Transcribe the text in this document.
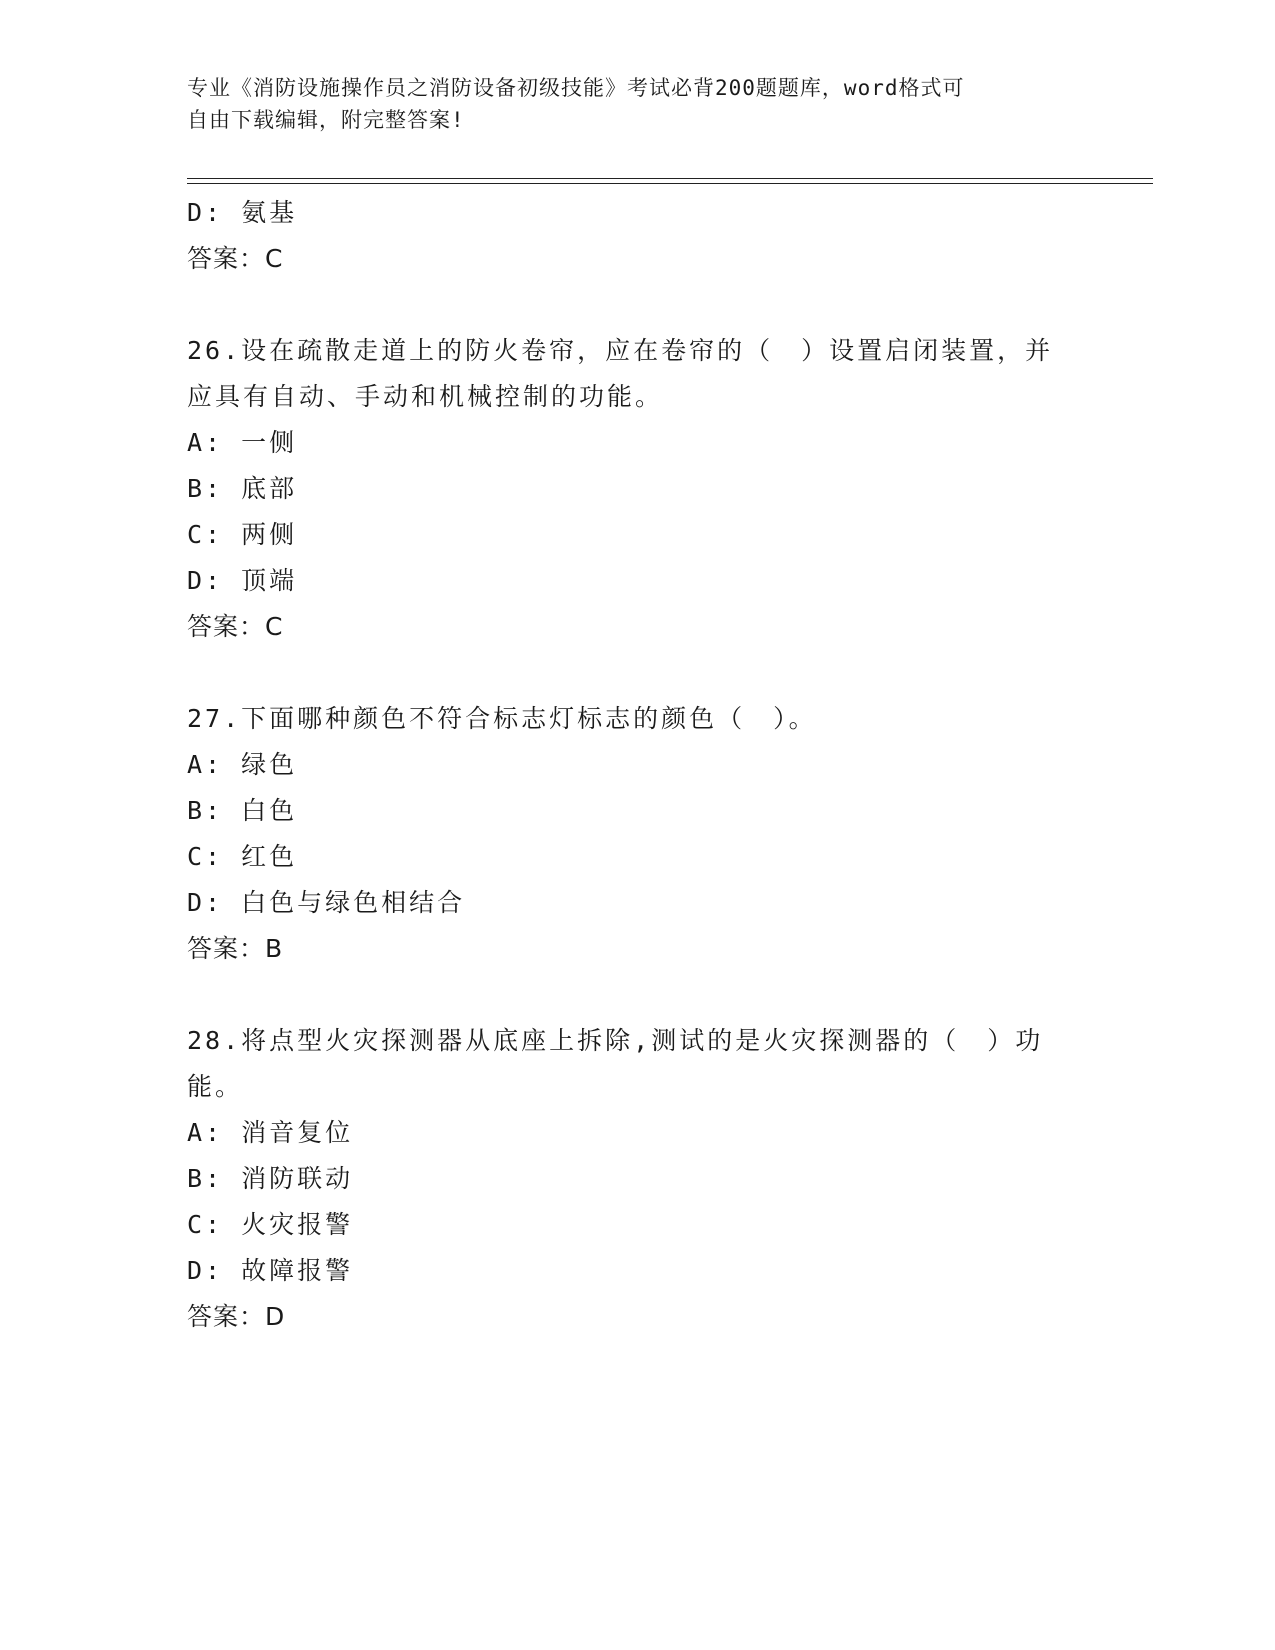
专业《消防设施操作员之消防设备初级技能》考试必背200题题库，word格式可
自由下载编辑，附完整答案!
D: 氨基
答案：C
26.设在疏散走道上的防火卷帘，应在卷帘的（　）设置启闭装置，并
应具有自动、手动和机械控制的功能。
A: 一侧
B: 底部
C: 两侧
D: 顶端
答案：C
27.下面哪种颜色不符合标志灯标志的颜色（　）。
A: 绿色
B: 白色
C: 红色
D: 白色与绿色相结合
答案：B
28.将点型火灾探测器从底座上拆除,测试的是火灾探测器的（　）功
能。
A: 消音复位
B: 消防联动
C: 火灾报警
D: 故障报警
答案：D
